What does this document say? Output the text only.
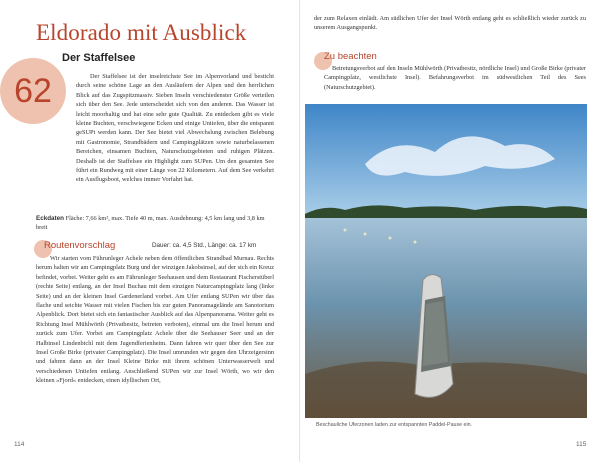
62
Eldorado mit Ausblick
Der Staffelsee

Der Staffelsee ist der inselreichste See im Alpenvorland und besticht durch seine schöne Lage an den Ausläufern der Alpen und den herrlichen Blick auf das Zugspitzmassiv. Sieben Inseln verschiedenster Größe verteilen sich über den See. Jede unterscheidet sich von den anderen. Das Wasser ist leicht moorhaltig und hat eine sehr gute Qualität. Zu entdecken gibt es viele kleine Buchten, verschwiegene Ecken und einige Untiefen, über die entspannt geSUPt werden kann. Der See bietet viel Abwechslung zwischen Belebung mit Gastronomie, Strandbädern und Campingplätzen sowie naturbelassenen Bereichen, einsamen Buchten, Naturschutzgebieten und ruhigen Plätzen. Deshalb ist der Staffelsee ein Highlight zum SUPen. Um den gesamten See führt ein Rundweg mit einer Länge von 22 Kilometern. Auf dem See verkehrt ein Ausflugsboot, welches immer Vorfahrt hat.

Eckdaten Fläche: 7,66 km², max. Tiefe 40 m, max. Ausdehnung: 4,5 km lang und 3,8 km breit
Routenvorschlag	Dauer: ca. 4,5 Std., Länge: ca. 17 km

Wir starten vom Führunleger Achele neben dem öffentlichen Strandbad Murnau. Rechts herum halten wir am Campingplatz Burg und der winzigen Jakobsinsel, auf der sich ein Kreuz befindet, vorbei. Weiter geht es am Fährunleger Seehausen und dem Restaurant Fischerstüberl (rechte Seite) entlang, an der Insel Buchau mit dem einzigen Naturcampingplatz lang (linke Seite) und an der kleinen Insel Gardenerland vorbei. Am Ufer entlang SUPen wir über das flache und seichte Wasser mit vielen Fischen bis zur guten Panoramagelände am Sanotorium Alpenblick. Dort bietet sich ein fantastischer Ausblick auf das Alpenpanorama. Weiter geht es Richtung Insel Mühlwörth (Privatbesitz, betreten verboten), einmal um die Insel herum und zurück zum Ufer. Vorbei am Campingplatz Achele über die Seehauser Seer und an der Halbinsel Lindenbichl mit dem Jugendferienheim. Dann fahren wir quer über den See zur Insel Große Birke (privater Campingplatz). Die Insel umrunden wir gegen den Uhrzeigersinn und fahren dann an der Insel Kleine Birke mit ihrem schönen Unterwasserwelt und verschiedenen Untiefen entlang. Anschließend SUPen wir zur Insel Wörth, wo wir den kleinen »Fjord« entdecken, einen idyllischen Ort,

114

der zum Relaxen einlädt. Am südlichen Ufer der Insel Wörth entlang geht es schließlich wieder zurück zu unserem Ausgangspunkt.

Zu beachten

Betretungsverbot auf den Inseln Mühlwörth (Privatbesitz, nördliche Insel) und Große Birke (privater Campingplatz, westlichste Insel). Befahrungsverbot im südwestlichen Teil des Sees (Naturschutzgebiet).

115
Beschauliche Uferzonen laden zur entspannten Paddel-Pause ein.
